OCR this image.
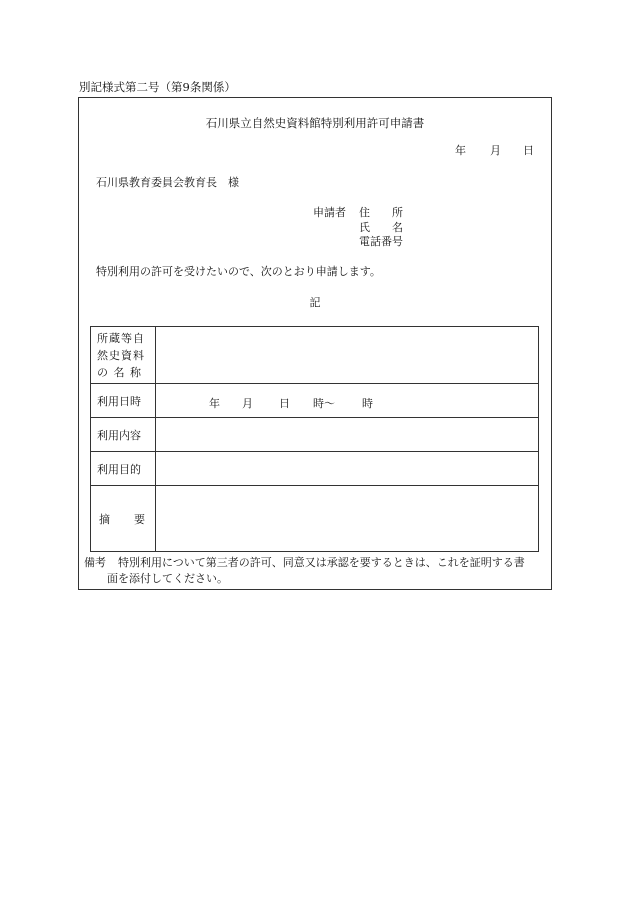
別記様式第二号（第9条関係）
石川県立自然史資料館特別利用許可申請書
年 月 日
石川県教育委員会教育長　様
申請者 住　　所
氏　　名
電話番号
特別利用の許可を受けたいので、次のとおり申請します。
記
所蔵等自
然史資料
の 名 称	

利用日時	年 月 日 時〜 時

利用内容	

利用目的	

摘 要	

備考 特別利用について第三者の許可、同意又は承認を要するときは、これを証明する書
面を添付してください。
